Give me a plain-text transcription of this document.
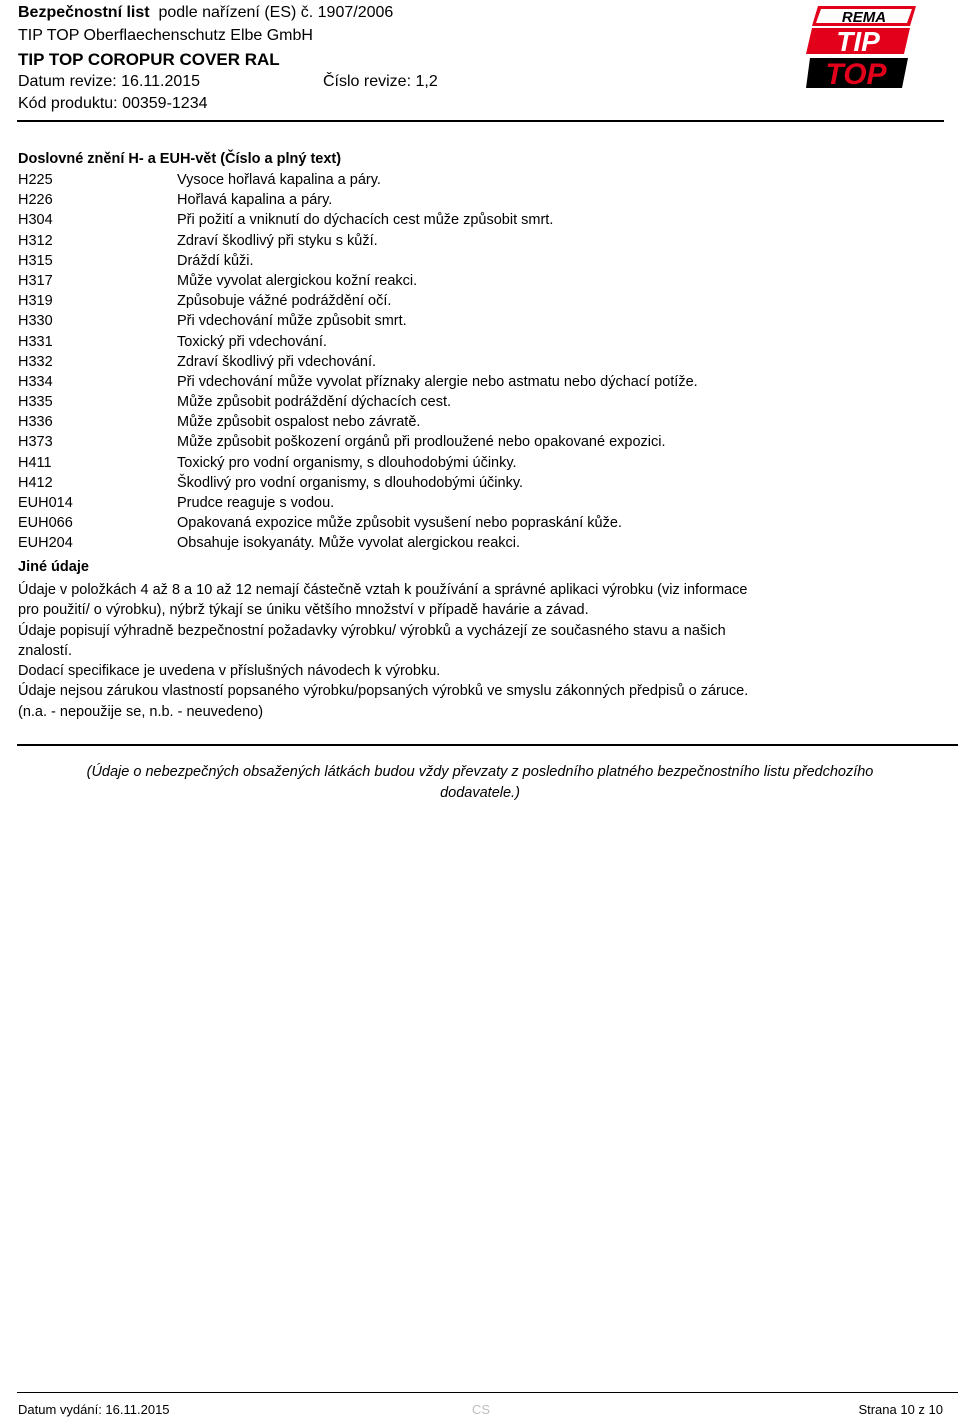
Bezpečnostní list podle nařízení (ES) č. 1907/2006
TIP TOP Oberflaechenschutz Elbe GmbH
TIP TOP COROPUR COVER RAL
Datum revize: 16.11.2015	Číslo revize: 1,2
Kód produktu: 00359-1234
REMA
TIP
TOP
Doslovné znění H- a EUH-vět (Číslo a plný text)
H225	Vysoce hořlavá kapalina a páry.
H226	Hořlavá kapalina a páry.
H304	Při požití a vniknutí do dýchacích cest může způsobit smrt.
H312	Zdraví škodlivý při styku s kůží.
H315	Dráždí kůži.
H317	Může vyvolat alergickou kožní reakci.
H319	Způsobuje vážné podráždění očí.
H330	Při vdechování může způsobit smrt.
H331	Toxický při vdechování.
H332	Zdraví škodlivý při vdechování.
H334	Při vdechování může vyvolat příznaky alergie nebo astmatu nebo dýchací potíže.
H335	Může způsobit podráždění dýchacích cest.
H336	Může způsobit ospalost nebo závratě.
H373	Může způsobit poškození orgánů při prodloužené nebo opakované expozici.
H411	Toxický pro vodní organismy, s dlouhodobými účinky.
H412	Škodlivý pro vodní organismy, s dlouhodobými účinky.
EUH014	Prudce reaguje s vodou.
EUH066	Opakovaná expozice může způsobit vysušení nebo popraskání kůže.
EUH204	Obsahuje isokyanáty. Může vyvolat alergickou reakci.
Jiné údaje

Údaje v položkách 4 až 8 a 10 až 12 nemají částečně vztah k používání a správné aplikaci výrobku (viz informace pro použití/ o výrobku), nýbrž týkají se úniku většího množství v případě havárie a závad.

Údaje popisují výhradně bezpečnostní požadavky výrobku/ výrobků a vycházejí ze současného stavu a našich znalostí.

Dodací specifikace je uvedena v příslušných návodech k výrobku.

Údaje nejsou zárukou vlastností popsaného výrobku/popsaných výrobků ve smyslu zákonných předpisů o záruce.

(n.a. - nepoužije se, n.b. - neuvedeno)

(Údaje o nebezpečných obsažených látkách budou vždy převzaty z posledního platného bezpečnostního listu předchozího dodavatele.)
Datum vydání: 16.11.2015	CS	Strana 10 z 10
